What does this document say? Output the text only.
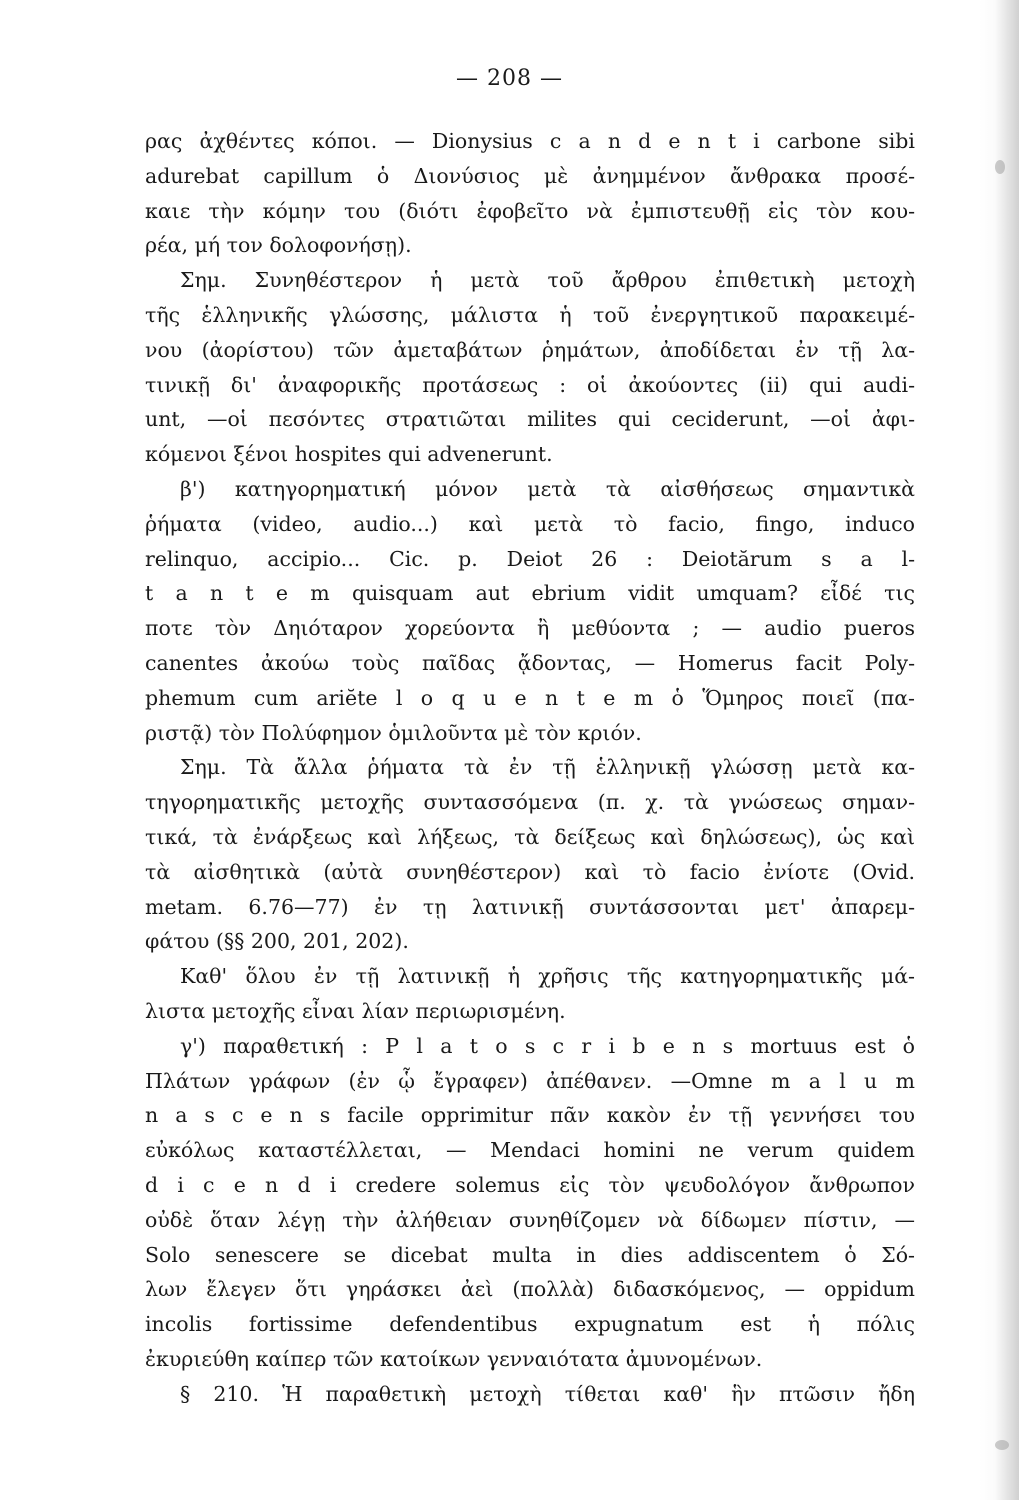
— 208 —
ρας ἀχθέντες κόποι. — Dionysius c a n d e n t i carbone sibi
adurebat capillum ὁ Διονύσιος μὲ ἀνημμένον ἄνθρακα προσέ-
καιε τὴν κόμην του (διότι ἐφοβεῖτο νὰ ἐμπιστευθῇ εἰς τὸν κου-
ρέα, μή τον δολοφονήσῃ).
Σημ. Συνηθέστερον ἡ μετὰ τοῦ ἄρθρου ἐπιθετικὴ μετοχὴ
τῆς ἑλληνικῆς γλώσσης, μάλιστα ἡ τοῦ ἐνεργητικοῦ παρακειμέ-
νου (ἀορίστου) τῶν ἀμεταβάτων ῥημάτων, ἀποδίδεται ἐν τῇ λα-
τινικῇ δι' ἀναφορικῆς προτάσεως : οἱ ἀκούοντες (ii) qui audi-
unt, —οἱ πεσόντες στρατιῶται milites qui ceciderunt, —οἱ ἀφι-
κόμενοι ξένοι hospites qui advenerunt.
β') κατηγορηματική μόνον μετὰ τὰ αἰσθήσεως σημαντικὰ
ῥήματα (video, audio...) καὶ μετὰ τὸ facio, fingo, induco
relinquo, accipio... Cic. p. Deiot 26 : Deiotărum s a l-
t a n t e m quisquam aut ebrium vidit umquam? εἶδέ τις
ποτε τὸν Δηιόταρον χορεύοντα ἢ μεθύοντα ; — audio pueros
canentes ἀκούω τοὺς παῖδας ᾄδοντας, — Homerus facit Poly-
phemum cum ariĕte l o q u e n t e m ὁ Ὅμηρος ποιεῖ (πα-
ριστᾷ) τὸν Πολύφημον ὁμιλοῦντα μὲ τὸν κριόν.
Σημ. Τὰ ἄλλα ῥήματα τὰ ἐν τῇ ἑλληνικῇ γλώσσῃ μετὰ κα-
τηγορηματικῆς μετοχῆς συντασσόμενα (π. χ. τὰ γνώσεως σημαν-
τικά, τὰ ἐνάρξεως καὶ λήξεως, τὰ δείξεως καὶ δηλώσεως), ὡς καὶ
τὰ αἰσθητικὰ (αὐτὰ συνηθέστερον) καὶ τὸ facio ἐνίοτε (Ovid.
metam. 6.76—77) ἐν τῃ λατινικῇ συντάσσονται μετ' ἀπαρεμ-
φάτου (§§ 200, 201, 202).
Καθ' ὅλου ἐν τῇ λατινικῇ ἡ χρῆσις τῆς κατηγορηματικῆς μά-
λιστα μετοχῆς εἶναι λίαν περιωρισμένη.
γ') παραθετική : P l a t o s c r i b e n s mortuus est ὁ
Πλάτων γράφων (ἐν ᾧ ἔγραφεν) ἀπέθανεν. —Omne m a l u m
n a s c e n s facile opprimitur πᾶν κακὸν ἐν τῇ γεννήσει του
εὐκόλως καταστέλλεται, — Mendaci homini ne verum quidem
d i c e n d i credere solemus εἰς τὸν ψευδολόγον ἄνθρωπον
οὐδὲ ὅταν λέγῃ τὴν ἀλήθειαν συνηθίζομεν νὰ δίδωμεν πίστιν, —
Solo senescere se dicebat multa in dies addiscentem ὁ Σό-
λων ἔλεγεν ὅτι γηράσκει ἀεὶ (πολλὰ) διδασκόμενος, — oppidum
incolis fortissime defendentibus expugnatum est ἡ πόλις
ἐκυριεύθη καίπερ τῶν κατοίκων γενναιότατα ἀμυνομένων.
§ 210. Ἡ παραθετικὴ μετοχὴ τίθεται καθ' ἣν πτῶσιν ἤδη
